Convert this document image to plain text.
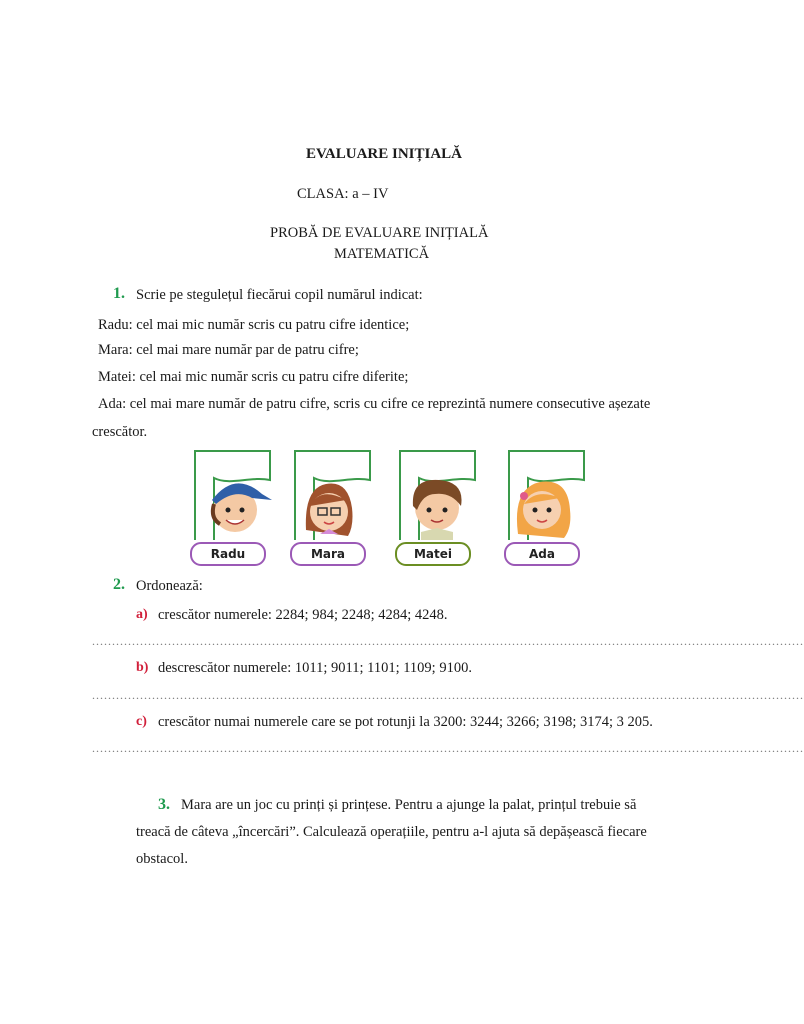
EVALUARE INIȚIALĂ
CLASA: a – IV
PROBĂ DE EVALUARE INIȚIALĂ
MATEMATICĂ
1. Scrie pe stegulețul fiecărui copil numărul indicat:
Radu: cel mai mic număr scris cu patru cifre identice;
Mara: cel mai mare număr par de patru cifre;
Matei: cel mai mic număr scris cu patru cifre diferite;
Ada: cel mai mare număr de patru cifre, scris cu cifre ce reprezintă numere consecutive așezate
crescător.
Radu	Mara	Matei	Ada
2. Ordonează:
a) crescător numerele: 2284; 984; 2248; 4284; 4248.
..................................................................................................................................................................................
b) descrescător numerele: 1011; 9011; 1101; 1109; 9100.
..................................................................................................................................................................................
c) crescător numai numerele care se pot rotunji la 3200: 3244; 3266; 3198; 3174; 3 205.
..................................................................................................................................................................................
3. Mara are un joc cu prinți și prințese. Pentru a ajunge la palat, prințul trebuie să
treacă de câteva „încercări”. Calculează operațiile, pentru a-l ajuta să depășească fiecare
obstacol.
